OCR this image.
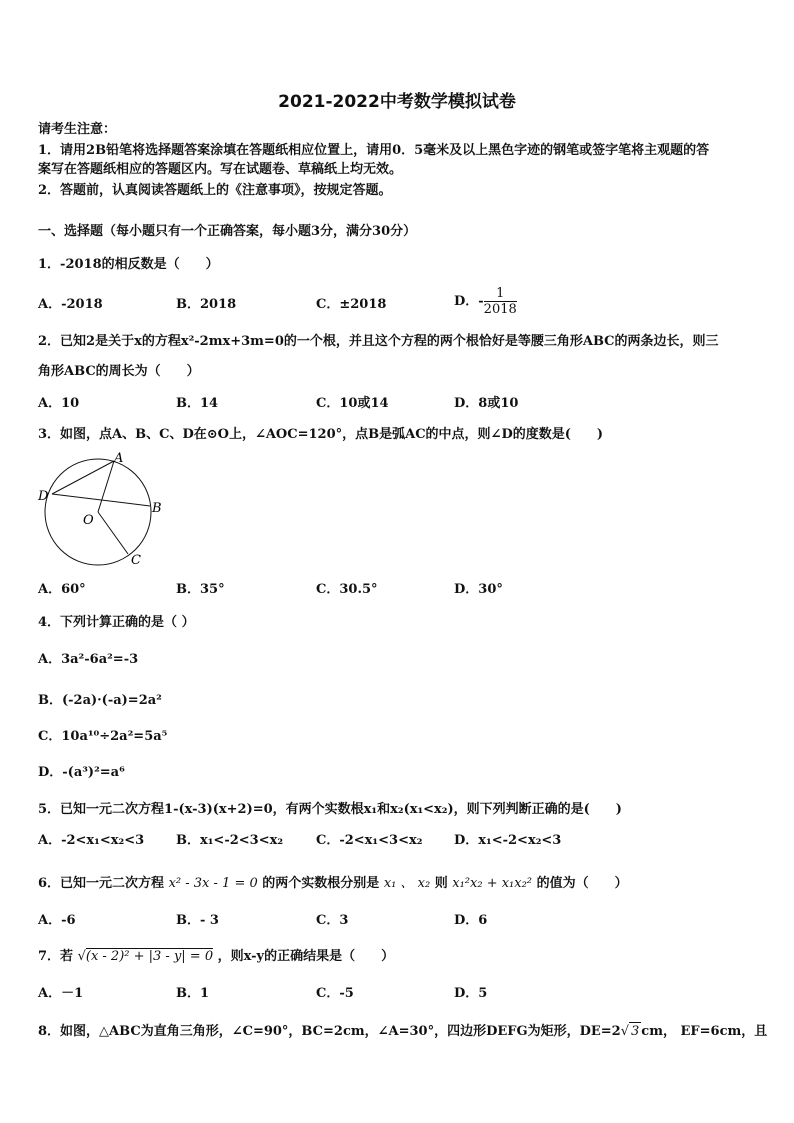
2021-2022中考数学模拟试卷
请考生注意：
1．请用2B铅笔将选择题答案涂填在答题纸相应位置上，请用0．5毫米及以上黑色字迹的钢笔或签字笔将主观题的答
案写在答题纸相应的答题区内。写在试题卷、草稿纸上均无效。
2．答题前，认真阅读答题纸上的《注意事项》，按规定答题。
一、选择题（每小题只有一个正确答案，每小题3分，满分30分）
1．-2018的相反数是（　　）
A．-2018	B．2018	C．±2018	D．- $\frac{1}{2018}$
2．已知2是关于x的方程x²-2mx+3m=0的一个根，并且这个方程的两个根恰好是等腰三角形ABC的两条边长，则三
角形ABC的周长为（　　）
A．10	B．14	C．10或14	D．8或10
3．如图，点A、B、C、D在⊙O上，∠AOC=120°，点B是弧AC的中点，则∠D的度数是(　　)
A
D
B
O
C
A．60°	B．35°	C．30.5°	D．30°
4．下列计算正确的是（ ）
A．3a²-6a²=-3
B．(-2a)·(-a)=2a²
C．10a¹⁰÷2a²=5a⁵
D．-(a³)²=a⁶
5．已知一元二次方程1-(x-3)(x+2)=0，有两个实数根x₁和x₂(x₁<x₂)，则下列判断正确的是(　　)
A．-2<x₁<x₂<3 B．x₁<-2<3<x₂	C．-2<x₁<3<x₂ D．x₁<-2<x₂<3
6．已知一元二次方程 x² - 3x - 1 = 0 的两个实数根分别是 x₁ 、 x₂ 则 x₁²x₂ + x₁x₂² 的值为（　　）
A．-6	B．- 3	C．3	D．6
7．若 √(x - 2)² + |3 - y| = 0 ，则x-y的正确结果是（　　）
A．－1	B．1	C．-5	D．5
8．如图，△ABC为直角三角形，∠C=90°，BC=2cm，∠A=30°，四边形DEFG为矩形，DE=2√ 3 cm， EF=6cm，且
